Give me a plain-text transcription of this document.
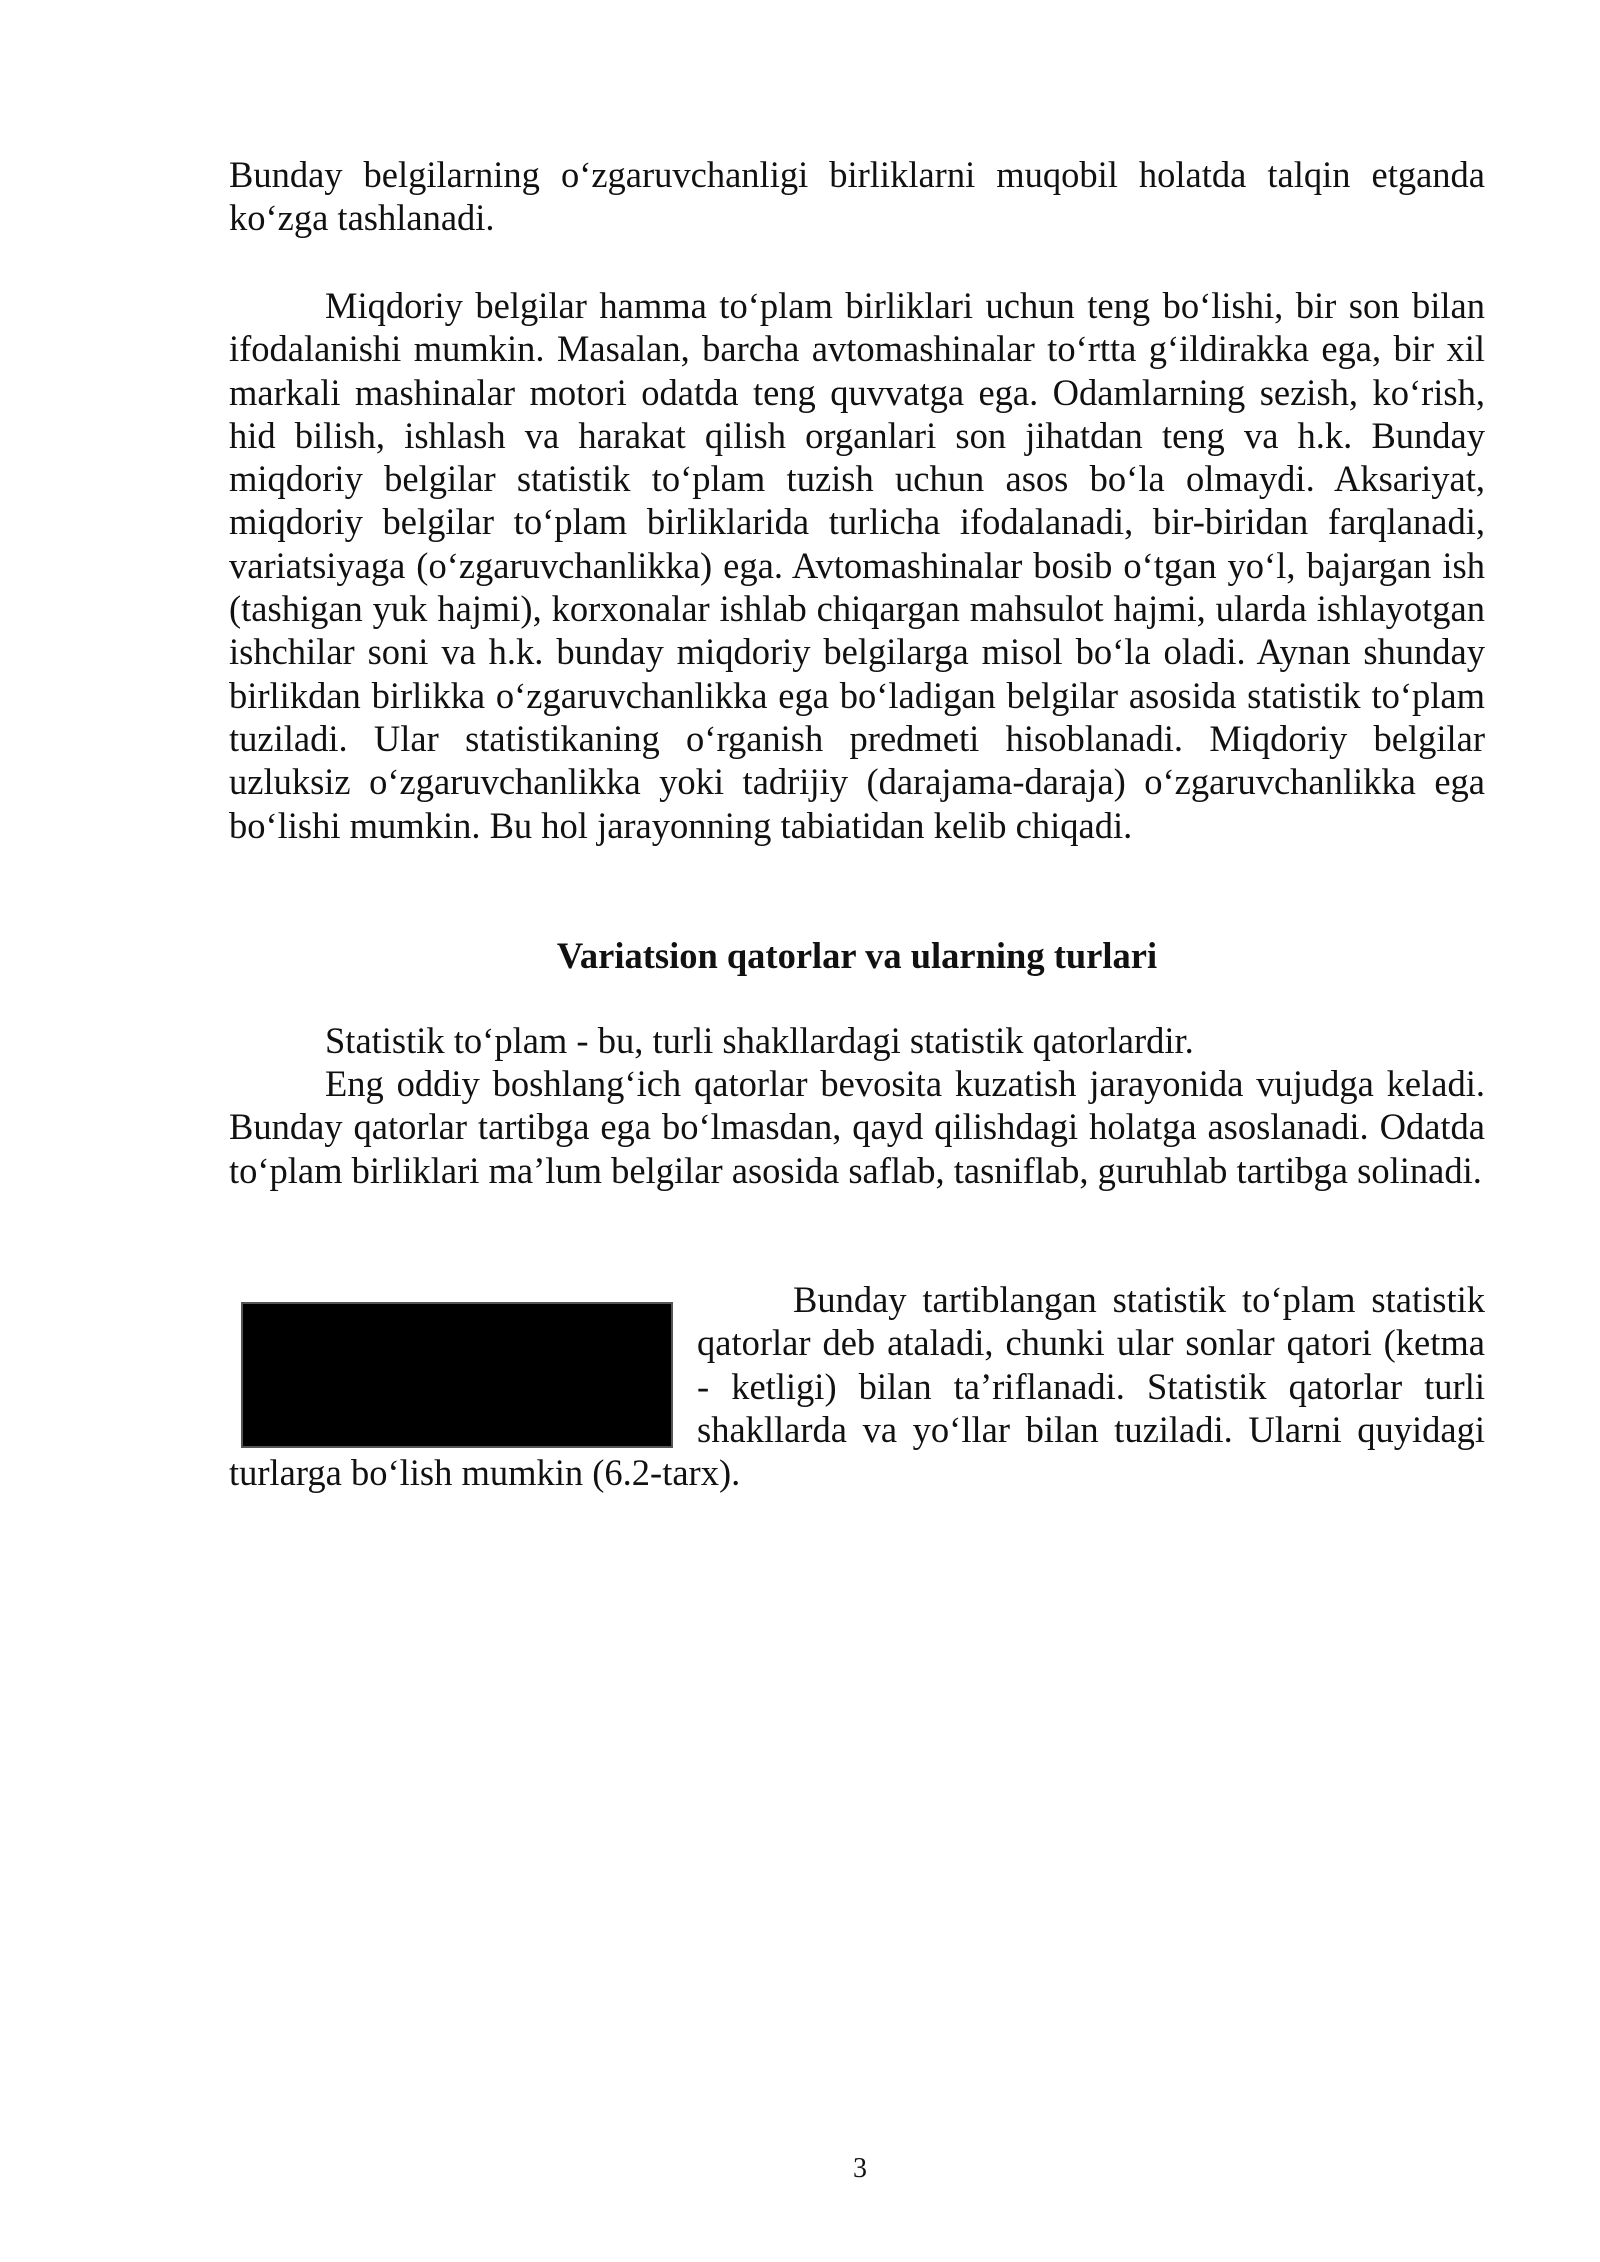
Bunday belgilarning o‘zgaruvchanligi birliklarni muqobil holatda talqin etganda ko‘zga tashlanadi.

Miqdoriy belgilar hamma to‘plam birliklari uchun teng bo‘lishi, bir son bilan ifodalanishi mumkin. Masalan, barcha avtomashinalar to‘rtta g‘ildirakka ega, bir xil markali mashinalar motori odatda teng quvvatga ega. Odamlarning sezish, ko‘rish, hid bilish, ishlash va harakat qilish organlari son jihatdan teng va h.k. Bunday miqdoriy belgilar statistik to‘plam tuzish uchun asos bo‘la olmaydi. Aksariyat, miqdoriy belgilar to‘plam birliklarida turlicha ifodalanadi, bir-biridan farqlanadi, variatsiyaga (o‘zgaruvchanlikka) ega. Avtomashinalar bosib o‘tgan yo‘l, bajargan ish (tashigan yuk hajmi), korxonalar ishlab chiqargan mahsulot hajmi, ularda ishlayotgan ishchilar soni va h.k. bunday miqdoriy belgilarga misol bo‘la oladi. Aynan shunday birlikdan birlikka o‘zgaruvchanlikka ega bo‘ladigan belgilar asosida statistik to‘plam tuziladi. Ular statistikaning o‘rganish predmeti hisoblanadi. Miqdoriy belgilar uzluksiz o‘zgaruvchanlikka yoki tadrijiy (darajama-daraja) o‘zgaruvchanlikka ega bo‘lishi mumkin. Bu hol jarayonning tabiatidan kelib chiqadi.

Variatsion qatorlar va ularning turlari

Statistik to‘plam - bu, turli shakllardagi statistik qatorlardir.

Eng oddiy boshlang‘ich qatorlar bevosita kuzatish jarayonida vujudga keladi. Bunday qatorlar tartibga ega bo‘lmasdan, qayd qilishdagi holatga asoslanadi. Odatda to‘plam birliklari ma’lum belgilar asosida saflab, tasniflab, guruhlab tartibga solinadi.

Bunday tartiblangan statistik to‘plam statistik qatorlar deb ataladi, chunki ular sonlar qatori (ketma - ketligi) bilan ta’riflanadi. Statistik qatorlar turli shakllarda va yo‘llar bilan tuziladi. Ularni quyidagi turlarga bo‘lish mumkin (6.2-tarx).

3
